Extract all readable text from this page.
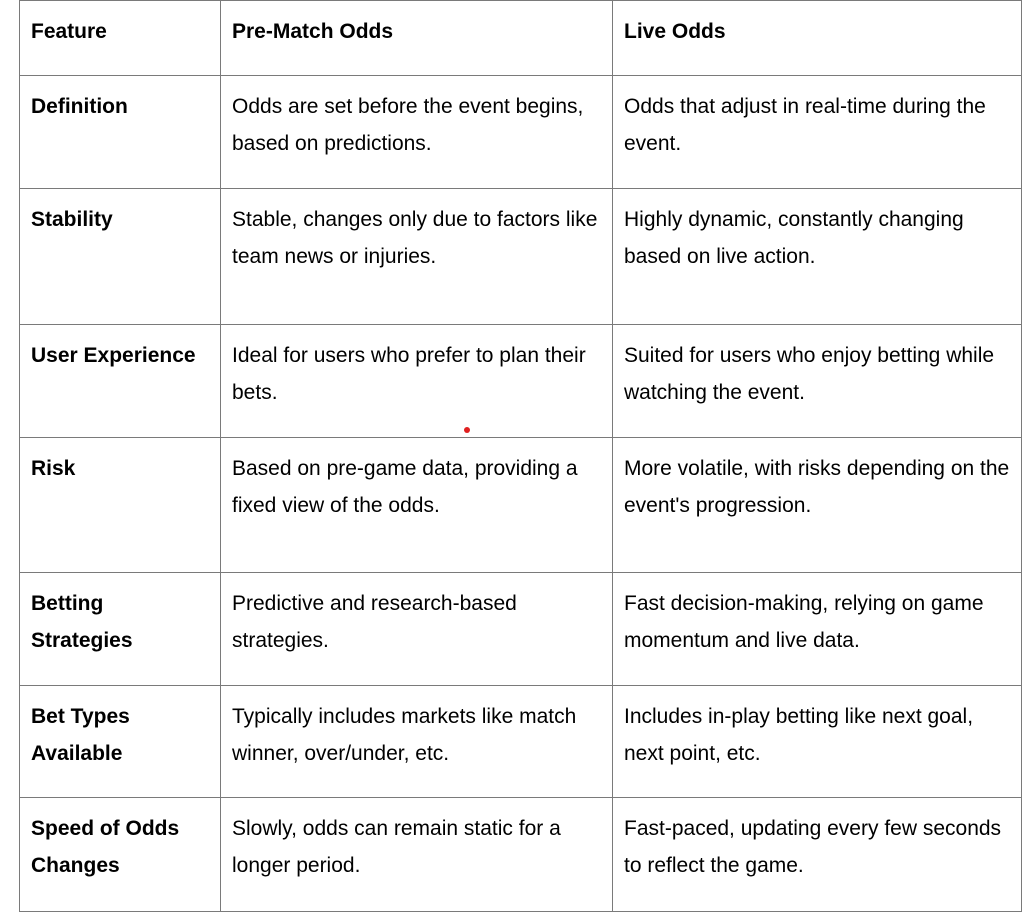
Feature	Pre-Match Odds	Live Odds
Definition	Odds are set before the event begins, based on predictions.	Odds that adjust in real-time during the event.
Stability	Stable, changes only due to factors like team news or injuries.	Highly dynamic, constantly changing based on live action.
User Experience	Ideal for users who prefer to plan their bets.	Suited for users who enjoy betting while watching the event.
Risk	Based on pre-game data, providing a fixed view of the odds.	More volatile, with risks depending on the event's progression.
Betting Strategies	Predictive and research-based strategies.	Fast decision-making, relying on game momentum and live data.
Bet Types Available	Typically includes markets like match winner, over/under, etc.	Includes in-play betting like next goal, next point, etc.
Speed of Odds Changes	Slowly, odds can remain static for a longer period.	Fast-paced, updating every few seconds to reflect the game.
